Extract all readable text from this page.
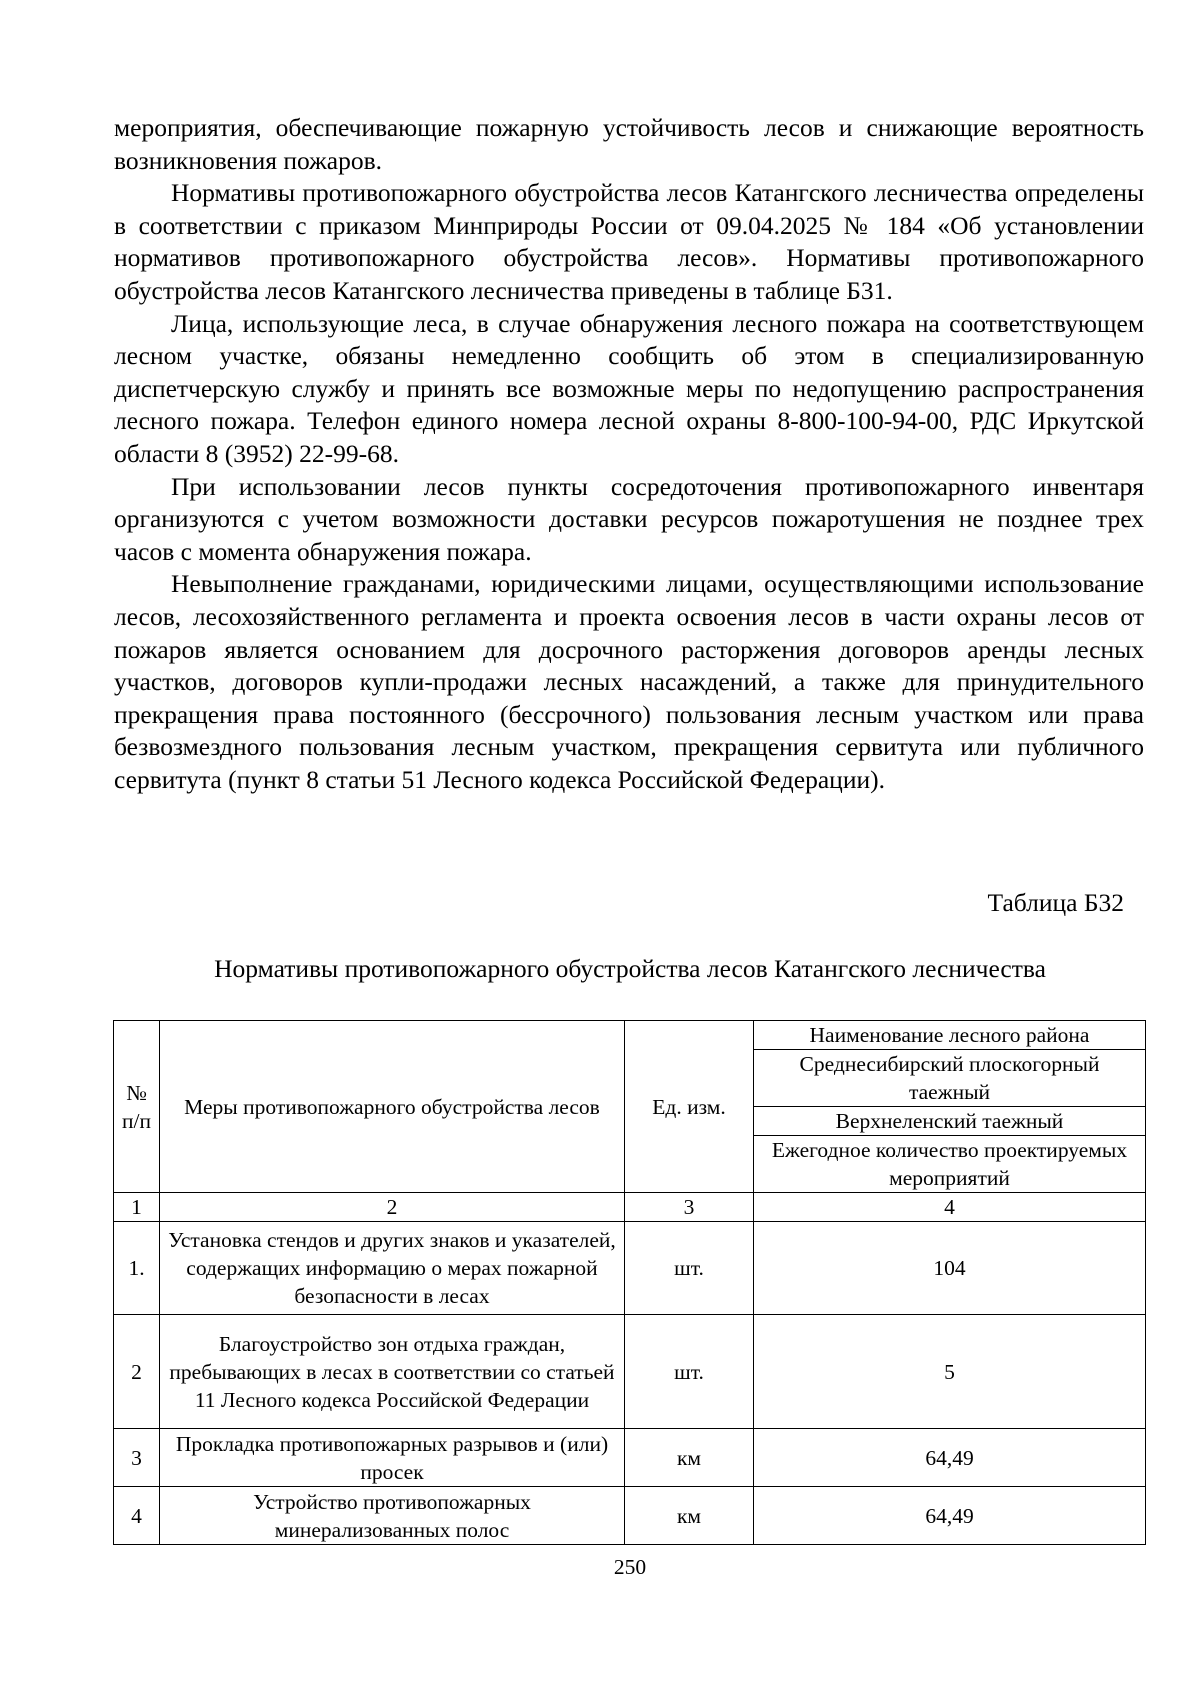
мероприятия, обеспечивающие пожарную устойчивость лесов и снижающие вероятность возникновения пожаров.

Нормативы противопожарного обустройства лесов Катангского лесничества определены в соответствии с приказом Минприроды России от 09.04.2025 № 184 «Об установлении нормативов противопожарного обустройства лесов». Нормативы противопожарного обустройства лесов Катангского лесничества приведены в таблице Б31.

Лица, использующие леса, в случае обнаружения лесного пожара на соответствующем лесном участке, обязаны немедленно сообщить об этом в специализированную диспетчерскую службу и принять все возможные меры по недопущению распространения лесного пожара. Телефон единого номера лесной охраны 8-800-100-94-00, РДС Иркутской области 8 (3952) 22-99-68.

При использовании лесов пункты сосредоточения противопожарного инвентаря организуются с учетом возможности доставки ресурсов пожаротушения не позднее трех часов с момента обнаружения пожара.

Невыполнение гражданами, юридическими лицами, осуществляющими использование лесов, лесохозяйственного регламента и проекта освоения лесов в части охраны лесов от пожаров является основанием для досрочного расторжения договоров аренды лесных участков, договоров купли-продажи лесных насаждений, а также для принудительного прекращения права постоянного (бессрочного) пользования лесным участком или права безвозмездного пользования лесным участком, прекращения сервитута или публичного сервитута (пункт 8 статьи 51 Лесного кодекса Российской Федерации).

Таблица Б32

Нормативы противопожарного обустройства лесов Катангского лесничества

№ п/п	Меры противопожарного обустройства лесов	Ед. изм.	Наименование лесного района
			Среднесибирский плоскогорный таежный
			Верхнеленский таежный
			Ежегодное количество проектируемых мероприятий
1	2	3	4
1.	Установка стендов и других знаков и указателей, содержащих информацию о мерах пожарной безопасности в лесах	шт.	104
2	Благоустройство зон отдыха граждан, пребывающих в лесах в соответствии со статьей 11 Лесного кодекса Российской Федерации	шт.	5
3	Прокладка противопожарных разрывов и (или) просек	км	64,49
4	Устройство противопожарных минерализованных полос	км	64,49

250
